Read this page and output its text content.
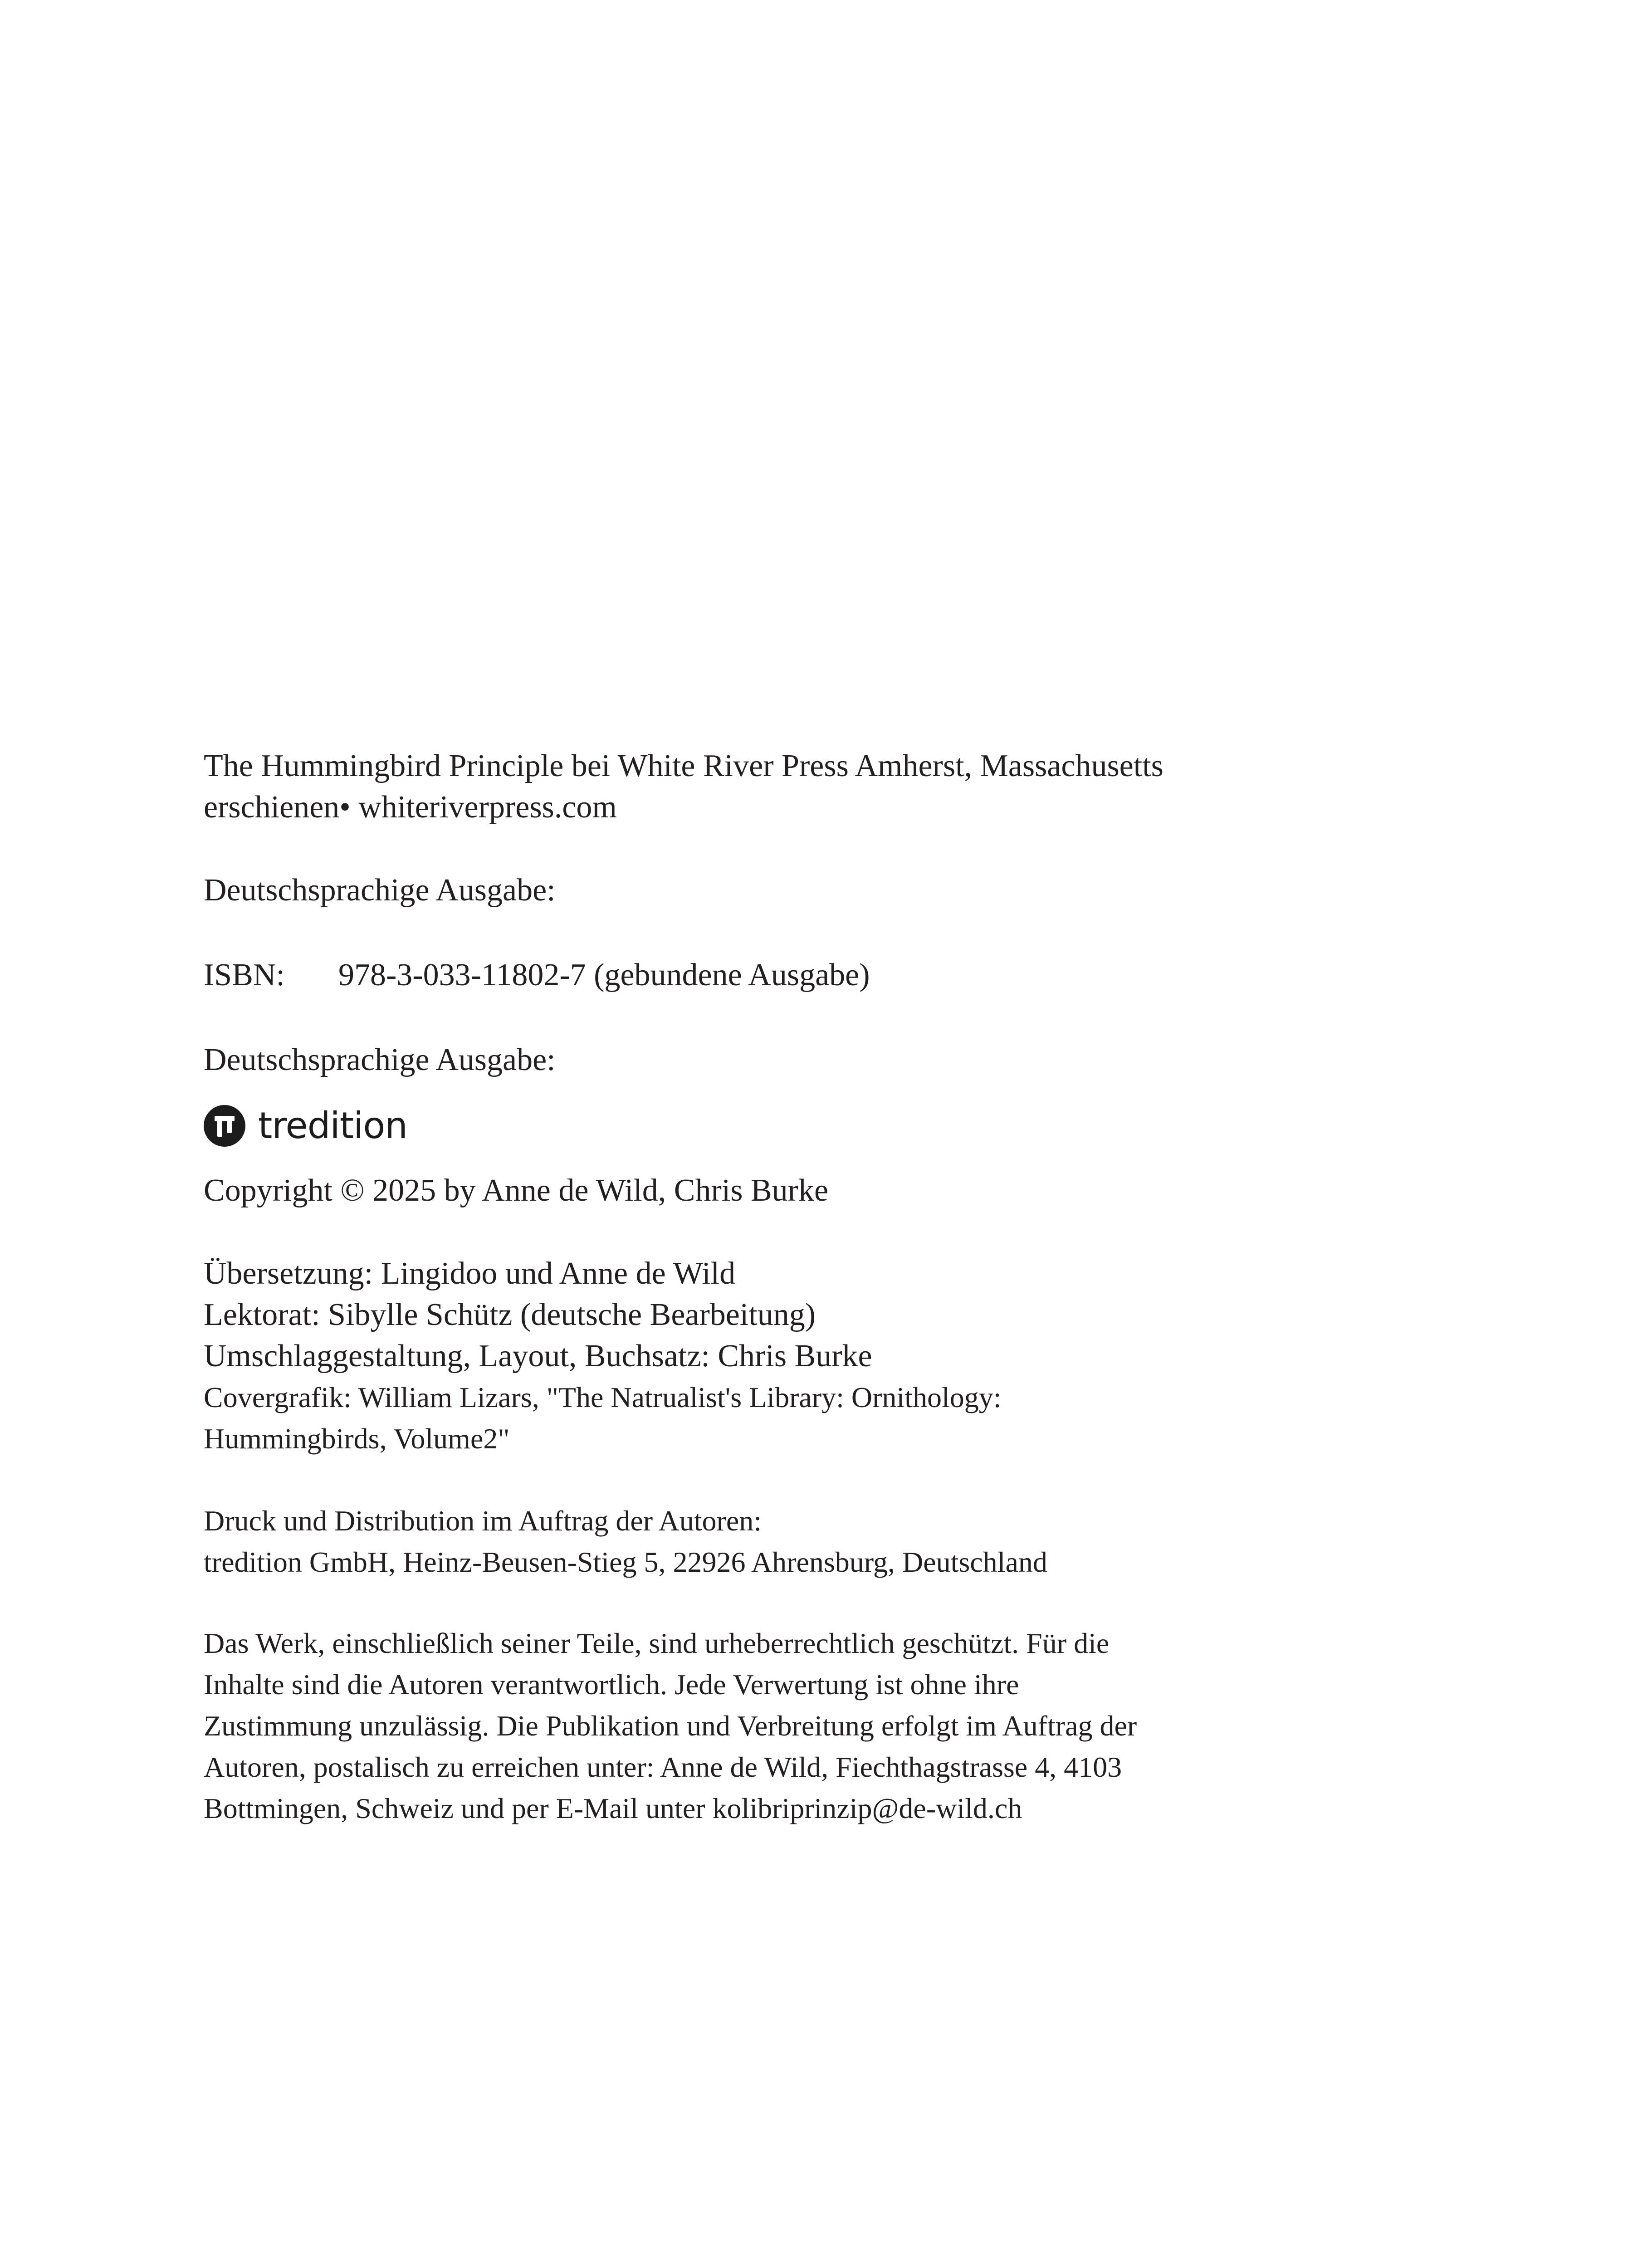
The Hummingbird Principle bei White River Press Amherst, Massachusetts
erschienen• whiteriverpress.com
Deutschsprachige Ausgabe:
ISBN: 978-3-033-11802-7 (gebundene Ausgabe)
Deutschsprachige Ausgabe:
tredition
Copyright © 2025 by Anne de Wild, Chris Burke
Übersetzung: Lingidoo und Anne de Wild
Lektorat: Sibylle Schütz (deutsche Bearbeitung)
Umschlaggestaltung, Layout, Buchsatz: Chris Burke
Covergrafik: William Lizars, "The Natrualist's Library: Ornithology:
Hummingbirds, Volume2"
Druck und Distribution im Auftrag der Autoren:
tredition GmbH, Heinz-Beusen-Stieg 5, 22926 Ahrensburg, Deutschland
Das Werk, einschließlich seiner Teile, sind urheberrechtlich geschützt. Für die
Inhalte sind die Autoren verantwortlich. Jede Verwertung ist ohne ihre
Zustimmung unzulässig. Die Publikation und Verbreitung erfolgt im Auftrag der
Autoren, postalisch zu erreichen unter: Anne de Wild, Fiechthagstrasse 4, 4103
Bottmingen, Schweiz und per E-Mail unter kolibriprinzip@de-wild.ch
